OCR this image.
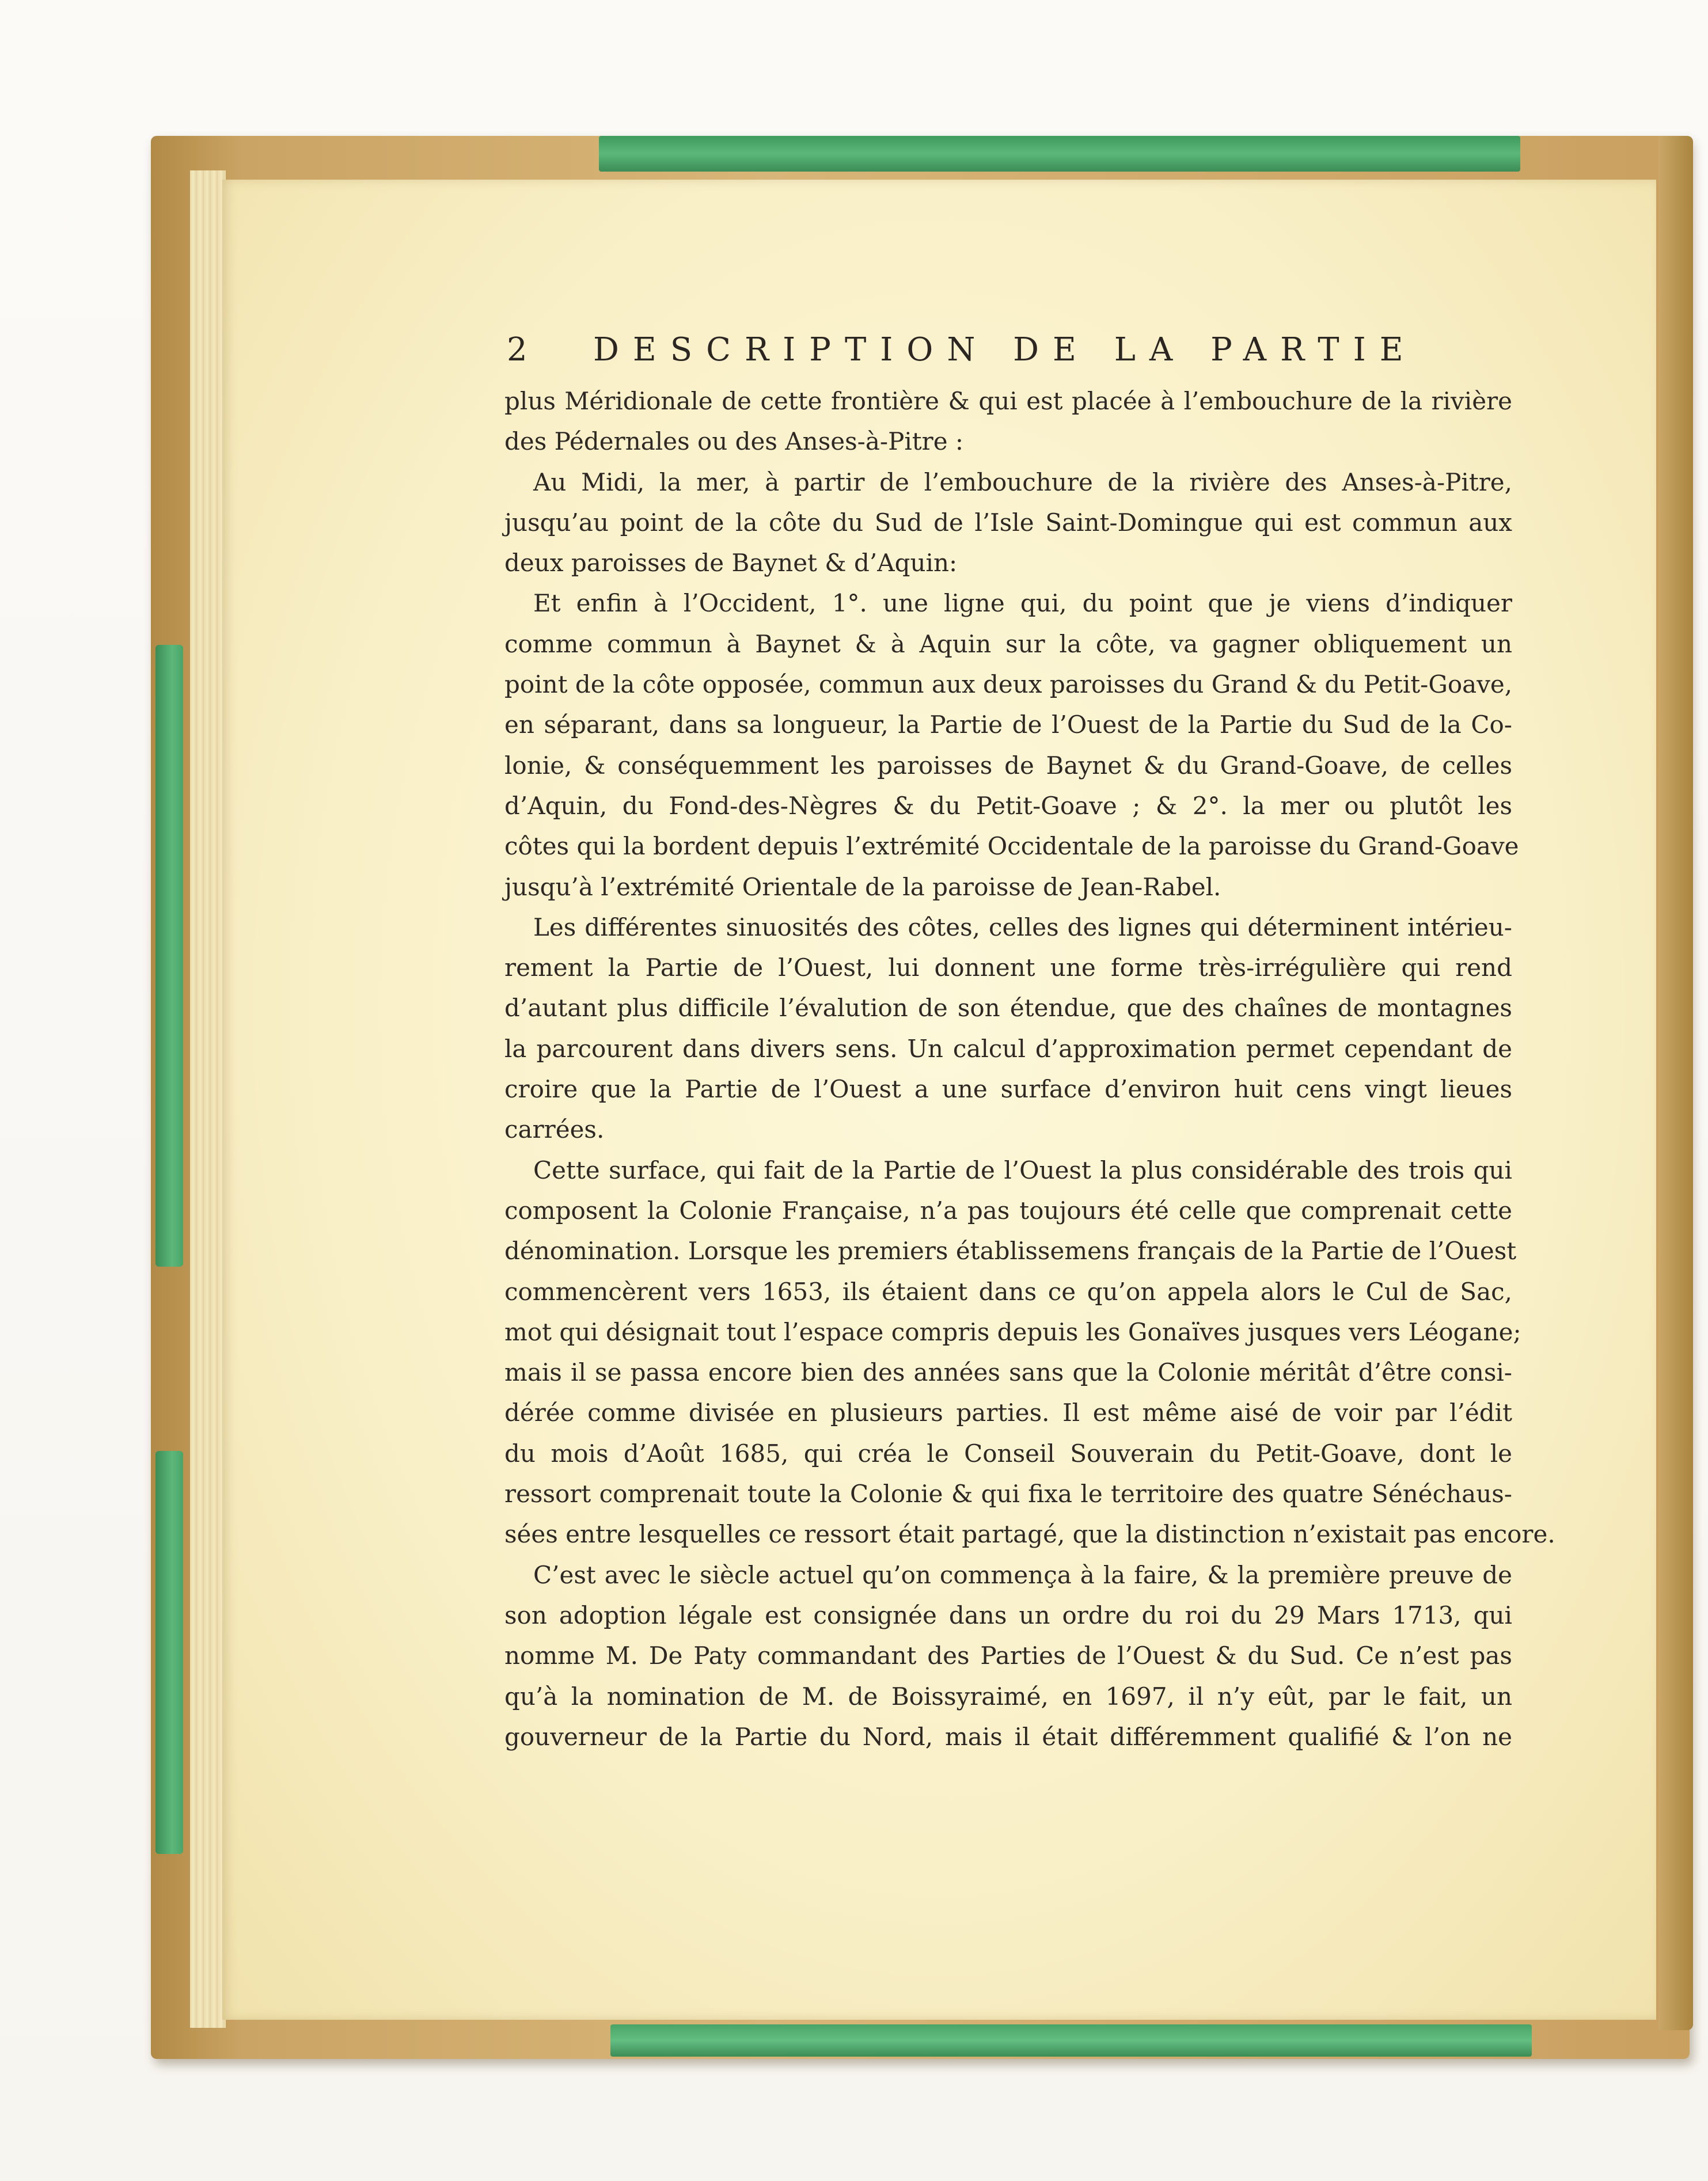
2 DESCRIPTION DE LA PARTIE
plus Méridionale de cette frontière & qui est placée à l’embouchure de la rivière
des Pédernales ou des Anses-à-Pitre :
Au Midi, la mer, à partir de l’embouchure de la rivière des Anses-à-Pitre,
jusqu’au point de la côte du Sud de l’Isle Saint-Domingue qui est commun aux
deux paroisses de Baynet & d’Aquin:
Et enfin à l’Occident, 1°. une ligne qui, du point que je viens d’indiquer
comme commun à Baynet & à Aquin sur la côte, va gagner obliquement un
point de la côte opposée, commun aux deux paroisses du Grand & du Petit-Goave,
en séparant, dans sa longueur, la Partie de l’Ouest de la Partie du Sud de la Co-
lonie, & conséquemment les paroisses de Baynet & du Grand-Goave, de celles
d’Aquin, du Fond-des-Nègres & du Petit-Goave ; & 2°. la mer ou plutôt les
côtes qui la bordent depuis l’extrémité Occidentale de la paroisse du Grand-Goave
jusqu’à l’extrémité Orientale de la paroisse de Jean-Rabel.
Les différentes sinuosités des côtes, celles des lignes qui déterminent intérieu-
rement la Partie de l’Ouest, lui donnent une forme très-irrégulière qui rend
d’autant plus difficile l’évalution de son étendue, que des chaînes de montagnes
la parcourent dans divers sens. Un calcul d’approximation permet cependant de
croire que la Partie de l’Ouest a une surface d’environ huit cens vingt lieues
carrées.
Cette surface, qui fait de la Partie de l’Ouest la plus considérable des trois qui
composent la Colonie Française, n’a pas toujours été celle que comprenait cette
dénomination. Lorsque les premiers établissemens français de la Partie de l’Ouest
commencèrent vers 1653, ils étaient dans ce qu’on appela alors le Cul de Sac,
mot qui désignait tout l’espace compris depuis les Gonaïves jusques vers Léogane;
mais il se passa encore bien des années sans que la Colonie méritât d’être consi-
dérée comme divisée en plusieurs parties. Il est même aisé de voir par l’édit
du mois d’Août 1685, qui créa le Conseil Souverain du Petit-Goave, dont le
ressort comprenait toute la Colonie & qui fixa le territoire des quatre Sénéchaus-
sées entre lesquelles ce ressort était partagé, que la distinction n’existait pas encore.
C’est avec le siècle actuel qu’on commença à la faire, & la première preuve de
son adoption légale est consignée dans un ordre du roi du 29 Mars 1713, qui
nomme M. De Paty commandant des Parties de l’Ouest & du Sud. Ce n’est pas
qu’à la nomination de M. de Boissyraimé, en 1697, il n’y eût, par le fait, un
gouverneur de la Partie du Nord, mais il était différemment qualifié & l’on ne
